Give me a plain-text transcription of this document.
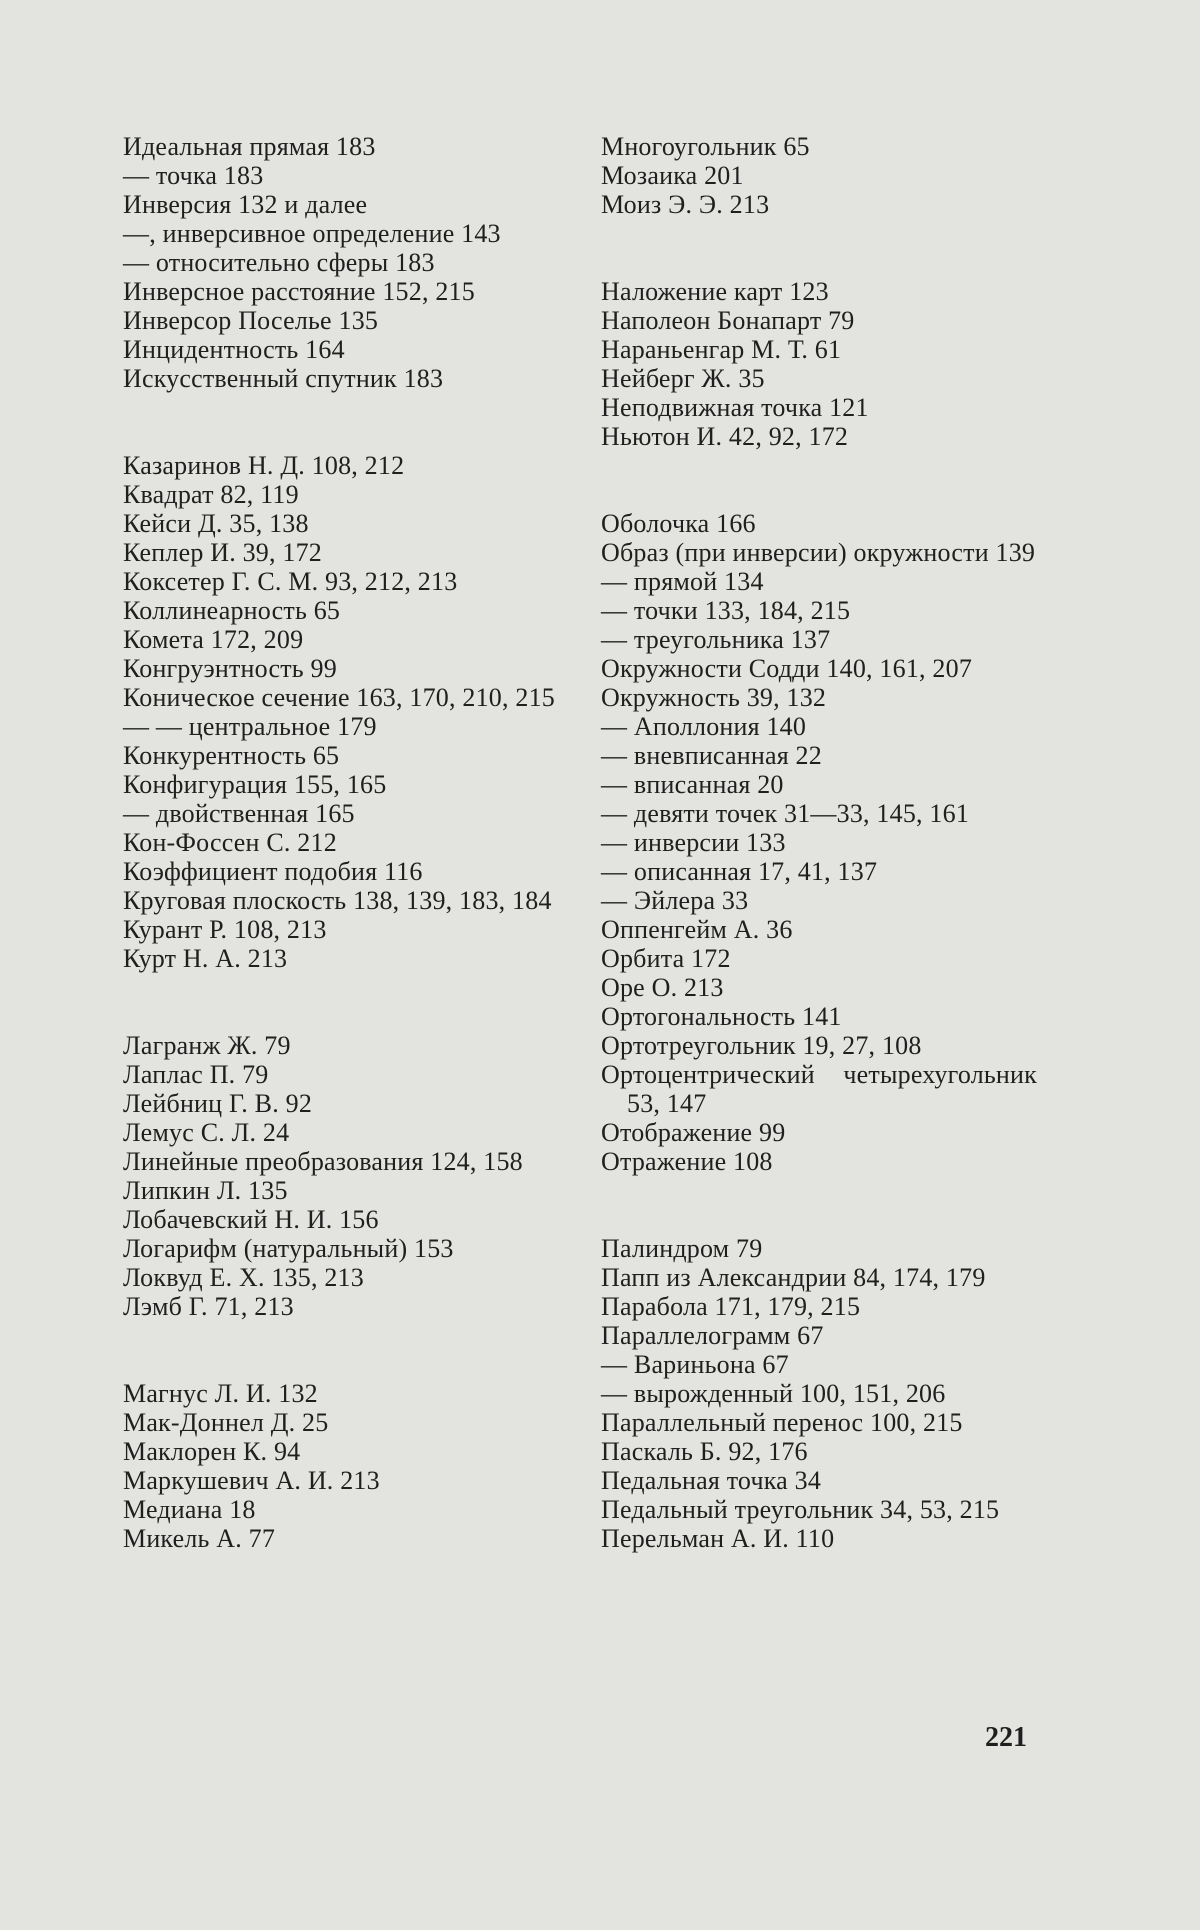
Идеальная прямая 183
— точка 183
Инверсия 132 и далее
—, инверсивное определение 143
— относительно сферы 183
Инверсное расстояние 152, 215
Инверсор Поселье 135
Инцидентность 164
Искусственный спутник 183
Казаринов Н. Д. 108, 212
Квадрат 82, 119
Кейси Д. 35, 138
Кеплер И. 39, 172
Коксетер Г. С. М. 93, 212, 213
Коллинеарность 65
Комета 172, 209
Конгруэнтность 99
Коническое сечение 163, 170, 210, 215
— — центральное 179
Конкурентность 65
Конфигурация 155, 165
— двойственная 165
Кон-Фоссен С. 212
Коэффициент подобия 116
Круговая плоскость 138, 139, 183, 184
Курант Р. 108, 213
Курт Н. А. 213
Лагранж Ж. 79
Лаплас П. 79
Лейбниц Г. В. 92
Лемус С. Л. 24
Линейные преобразования 124, 158
Липкин Л. 135
Лобачевский Н. И. 156
Логарифм (натуральный) 153
Локвуд Е. Х. 135, 213
Лэмб Г. 71, 213
Магнус Л. И. 132
Мак-Доннел Д. 25
Маклорен К. 94
Маркушевич А. И. 213
Медиана 18
Микель А. 77
Многоугольник 65
Мозаика 201
Моиз Э. Э. 213
Наложение карт 123
Наполеон Бонапарт 79
Нараньенгар М. Т. 61
Нейберг Ж. 35
Неподвижная точка 121
Ньютон И. 42, 92, 172
Оболочка 166
Образ (при инверсии) окружности 139
— прямой 134
— точки 133, 184, 215
— треугольника 137
Окружности Содди 140, 161, 207
Окружность 39, 132
— Аполлония 140
— вневписанная 22
— вписанная 20
— девяти точек 31—33, 145, 161
— инверсии 133
— описанная 17, 41, 137
— Эйлера 33
Оппенгейм А. 36
Орбита 172
Оре О. 213
Ортогональность 141
Ортотреугольник 19, 27, 108
Ортоцентрический четырехугольник 53, 147
Отображение 99
Отражение 108
Палиндром 79
Папп из Александрии 84, 174, 179
Парабола 171, 179, 215
Параллелограмм 67
— Вариньона 67
— вырожденный 100, 151, 206
Параллельный перенос 100, 215
Паскаль Б. 92, 176
Педальная точка 34
Педальный треугольник 34, 53, 215
Перельман А. И. 110
221
